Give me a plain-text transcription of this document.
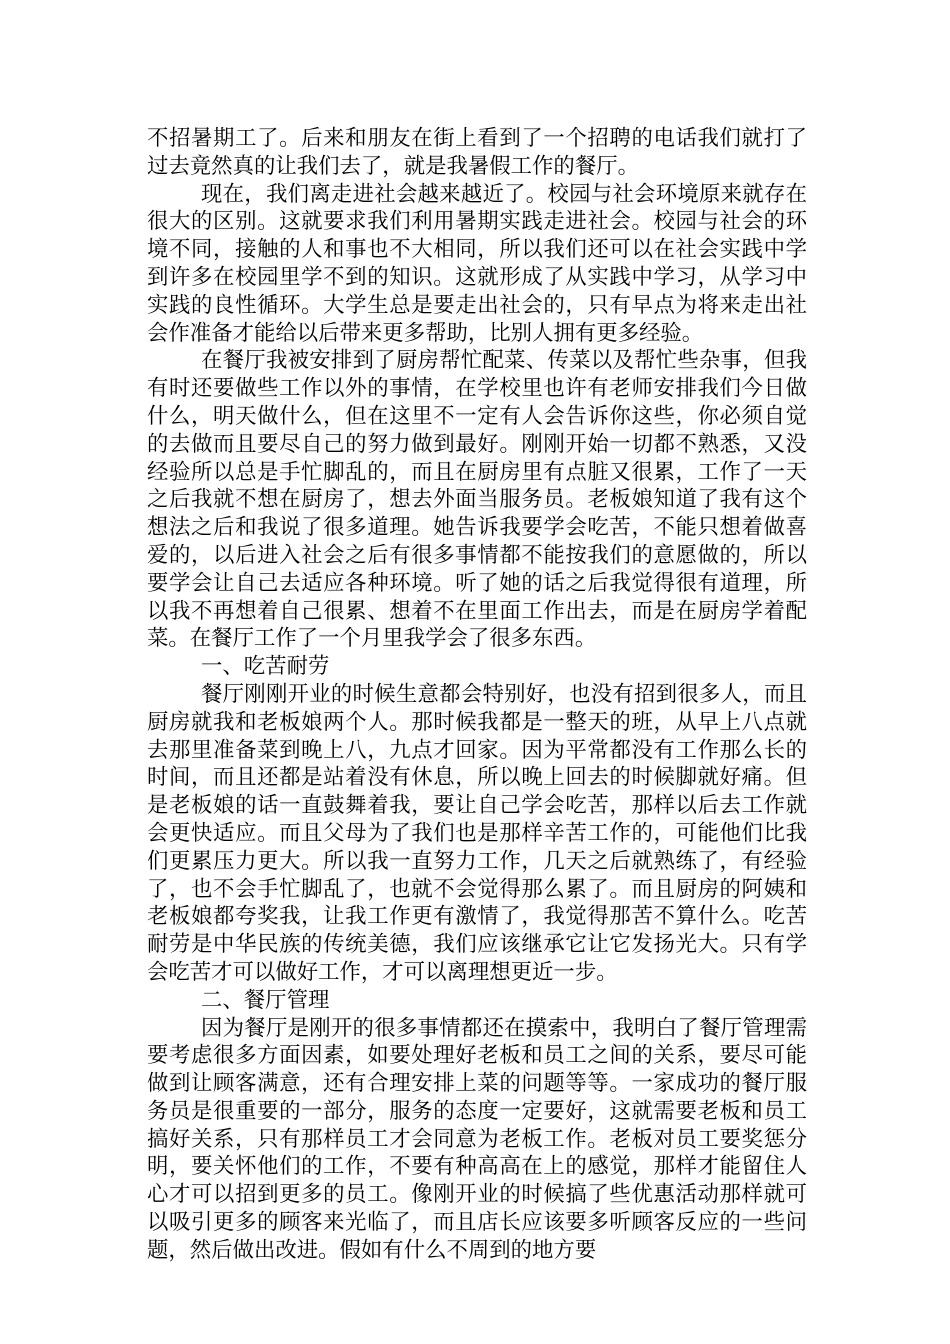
不招暑期工了。后来和朋友在街上看到了一个招聘的电话我们就打了过去竟然真的让我们去了，就是我暑假工作的餐厅。

现在，我们离走进社会越来越近了。校园与社会环境原来就存在很大的区别。这就要求我们利用暑期实践走进社会。校园与社会的环境不同，接触的人和事也不大相同，所以我们还可以在社会实践中学到许多在校园里学不到的知识。这就形成了从实践中学习，从学习中实践的良性循环。大学生总是要走出社会的，只有早点为将来走出社会作准备才能给以后带来更多帮助，比别人拥有更多经验。

在餐厅我被安排到了厨房帮忙配菜、传菜以及帮忙些杂事，但我有时还要做些工作以外的事情，在学校里也许有老师安排我们今日做什么，明天做什么，但在这里不一定有人会告诉你这些，你必须自觉的去做而且要尽自己的努力做到最好。刚刚开始一切都不熟悉，又没经验所以总是手忙脚乱的，而且在厨房里有点脏又很累，工作了一天之后我就不想在厨房了，想去外面当服务员。老板娘知道了我有这个想法之后和我说了很多道理。她告诉我要学会吃苦，不能只想着做喜爱的，以后进入社会之后有很多事情都不能按我们的意愿做的，所以要学会让自己去适应各种环境。听了她的话之后我觉得很有道理，所以我不再想着自己很累、想着不在里面工作出去，而是在厨房学着配菜。在餐厅工作了一个月里我学会了很多东西。

一、吃苦耐劳

餐厅刚刚开业的时候生意都会特别好，也没有招到很多人，而且厨房就我和老板娘两个人。那时候我都是一整天的班，从早上八点就去那里准备菜到晚上八，九点才回家。因为平常都没有工作那么长的时间，而且还都是站着没有休息，所以晚上回去的时候脚就好痛。但是老板娘的话一直鼓舞着我，要让自己学会吃苦，那样以后去工作就会更快适应。而且父母为了我们也是那样辛苦工作的，可能他们比我们更累压力更大。所以我一直努力工作，几天之后就熟练了，有经验了，也不会手忙脚乱了，也就不会觉得那么累了。而且厨房的阿姨和老板娘都夸奖我，让我工作更有激情了，我觉得那苦不算什么。吃苦耐劳是中华民族的传统美德，我们应该继承它让它发扬光大。只有学会吃苦才可以做好工作，才可以离理想更近一步。

二、餐厅管理

因为餐厅是刚开的很多事情都还在摸索中，我明白了餐厅管理需要考虑很多方面因素，如要处理好老板和员工之间的关系，要尽可能做到让顾客满意，还有合理安排上菜的问题等等。一家成功的餐厅服务员是很重要的一部分，服务的态度一定要好，这就需要老板和员工搞好关系，只有那样员工才会同意为老板工作。老板对员工要奖惩分明，要关怀他们的工作，不要有种高高在上的感觉，那样才能留住人心才可以招到更多的员工。像刚开业的时候搞了些优惠活动那样就可以吸引更多的顾客来光临了，而且店长应该要多听顾客反应的一些问题，然后做出改进。假如有什么不周到的地方要
